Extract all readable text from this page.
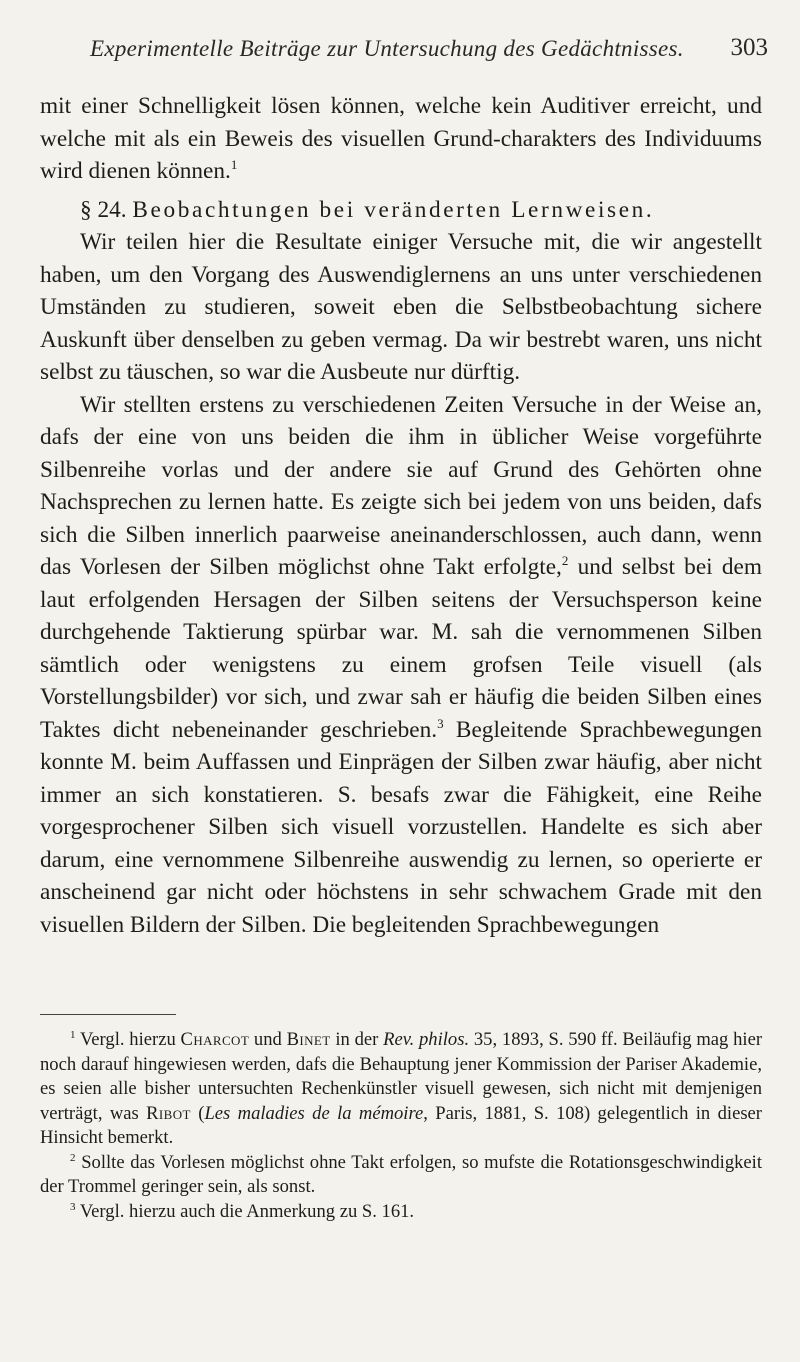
Experimentelle Beiträge zur Untersuchung des Gedächtnisses. 303

mit einer Schnelligkeit lösen können, welche kein Auditiver erreicht, und welche mit als ein Beweis des visuellen Grund-charakters des Individuums wird dienen können.$^1$

§ 24. Beobachtungen bei veränderten Lernweisen.

Wir teilen hier die Resultate einiger Versuche mit, die wir angestellt haben, um den Vorgang des Auswendiglernens an uns unter verschiedenen Umständen zu studieren, soweit eben die Selbstbeobachtung sichere Auskunft über denselben zu geben vermag. Da wir bestrebt waren, uns nicht selbst zu täuschen, so war die Ausbeute nur dürftig.

Wir stellten erstens zu verschiedenen Zeiten Versuche in der Weise an, dafs der eine von uns beiden die ihm in üblicher Weise vorgeführte Silbenreihe vorlas und der andere sie auf Grund des Gehörten ohne Nachsprechen zu lernen hatte. Es zeigte sich bei jedem von uns beiden, dafs sich die Silben innerlich paarweise aneinanderschlossen, auch dann, wenn das Vorlesen der Silben möglichst ohne Takt erfolgte,$^2$ und selbst bei dem laut erfolgenden Hersagen der Silben seitens der Versuchsperson keine durchgehende Taktierung spürbar war. M. sah die vernommenen Silben sämtlich oder wenigstens zu einem grofsen Teile visuell (als Vorstellungsbilder) vor sich, und zwar sah er häufig die beiden Silben eines Taktes dicht nebeneinander geschrieben.$^3$ Begleitende Sprachbewegungen konnte M. beim Auffassen und Einprägen der Silben zwar häufig, aber nicht immer an sich konstatieren. S. besafs zwar die Fähigkeit, eine Reihe vorgesprochener Silben sich visuell vorzustellen. Handelte es sich aber darum, eine vernommene Silbenreihe auswendig zu lernen, so operierte er anscheinend gar nicht oder höchstens in sehr schwachem Grade mit den visuellen Bildern der Silben. Die begleitenden Sprachbewegungen

$^1$ Vergl. hierzu Charcot und Binet in der Rev. philos. 35, 1893, S. 590 ff. Beiläufig mag hier noch darauf hingewiesen werden, dafs die Behauptung jener Kommission der Pariser Akademie, es seien alle bisher untersuchten Rechenkünstler visuell gewesen, sich nicht mit demjenigen verträgt, was Ribot (Les maladies de la mémoire, Paris, 1881, S. 108) gelegentlich in dieser Hinsicht bemerkt.

$^2$ Sollte das Vorlesen möglichst ohne Takt erfolgen, so mufste die Rotationsgeschwindigkeit der Trommel geringer sein, als sonst.

$^3$ Vergl. hierzu auch die Anmerkung zu S. 161.
